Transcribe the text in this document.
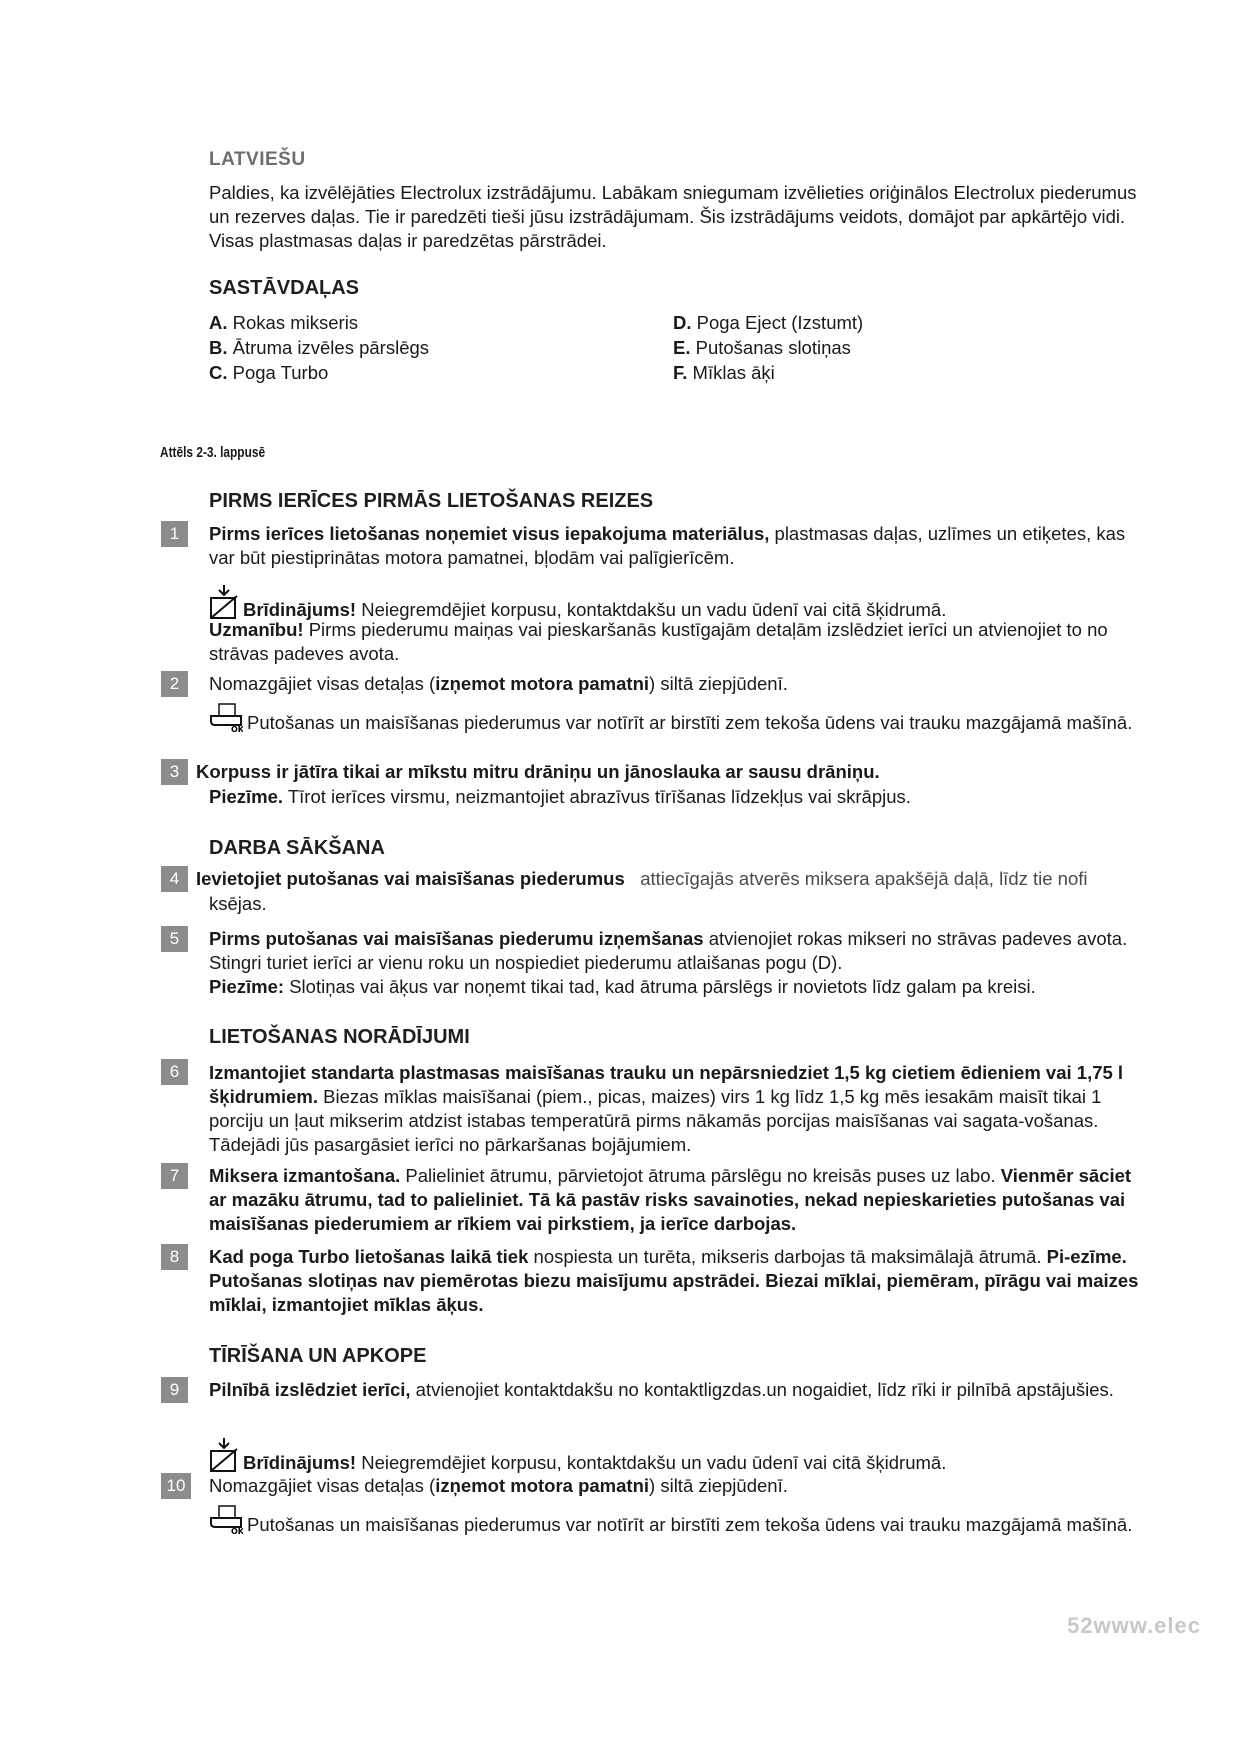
LATVIEŠU
Paldies, ka izvēlējāties Electrolux izstrādājumu. Labākam sniegumam izvēlieties oriģinālos Electrolux piederumus un rezerves daļas. Tie ir paredzēti tieši jūsu izstrādājumam. Šis izstrādājums veidots, domājot par apkārtējo vidi. Visas plastmasas daļas ir paredzētas pārstrādei.
SASTĀVDAĻAS
A. Rokas mikseris
B. Ātruma izvēles pārslēgs
C. Poga Turbo
D. Poga Eject (Izstumt)
E. Putošanas slotiņas
F. Mīklas āķi
Attēls 2-3. lappusē
PIRMS IERĪCES PIRMĀS LIETOŠANAS REIZES
1	Pirms ierīces lietošanas noņemiet visus iepakojuma materiālus, plastmasas daļas, uzlīmes un etiķetes, kas var būt piestiprinātas motora pamatnei, bļodām vai palīgierīcēm.
Brīdinājums! Neiegremdējiet korpusu, kontaktdakšu un vadu ūdenī vai citā šķidrumā.
Uzmanību! Pirms piederumu maiņas vai pieskaršanās kustīgajām detaļām izslēdziet ierīci un atvienojiet to no strāvas padeves avota.
2	Nomazgājiet visas detaļas (izņemot motora pamatni) siltā ziepjūdenī.
OK Putošanas un maisīšanas piederumus var notīrīt ar birstīti zem tekoša ūdens vai trauku mazgājamā mašīnā.
3 Korpuss ir jātīra tikai ar mīkstu mitru drāniņu un jānoslauka ar sausu drāniņu.
Piezīme. Tīrot ierīces virsmu, neizmantojiet abrazīvus tīrīšanas līdzekļus vai skrāpjus.
DARBA SĀKŠANA
4 Ievietojiet putošanas vai maisīšanas piederumus attiecīgajās atverēs miksera apakšējā daļā, līdz tie nofi
ksējas.
5	Pirms putošanas vai maisīšanas piederumu izņemšanas atvienojiet rokas mikseri no strāvas padeves avota. Stingri turiet ierīci ar vienu roku un nospiediet piederumu atlaišanas pogu (D).
Piezīme: Slotiņas vai āķus var noņemt tikai tad, kad ātruma pārslēgs ir novietots līdz galam pa kreisi.
LIETOŠANAS NORĀDĪJUMI
6	Izmantojiet standarta plastmasas maisīšanas trauku un nepārsniedziet 1,5 kg cietiem ēdieniem vai 1,75 l šķidrumiem. Biezas mīklas maisīšanai (piem., picas, maizes) virs 1 kg līdz 1,5 kg mēs iesakām maisīt tikai 1 porciju un ļaut mikserim atdzist istabas temperatūrā pirms nākamās porcijas maisīšanas vai sagata-vošanas. Tādejādi jūs pasargāsiet ierīci no pārkaršanas bojājumiem.
7	Miksera izmantošana. Palieliniet ātrumu, pārvietojot ātruma pārslēgu no kreisās puses uz labo. Vienmēr sāciet ar mazāku ātrumu, tad to palieliniet. Tā kā pastāv risks savainoties, nekad nepieskarieties putošanas vai maisīšanas piederumiem ar rīkiem vai pirkstiem, ja ierīce darbojas.
8	Kad poga Turbo lietošanas laikā tiek nospiesta un turēta, mikseris darbojas tā maksimālajā ātrumā. Pi-ezīme. Putošanas slotiņas nav piemērotas biezu maisījumu apstrādei. Biezai mīklai, piemēram, pīrāgu vai maizes mīklai, izmantojiet mīklas āķus.
TĪRĪŠANA UN APKOPE
9	Pilnībā izslēdziet ierīci, atvienojiet kontaktdakšu no kontaktligzdas.un nogaidiet, līdz rīki ir pilnībā apstājušies.
Brīdinājums! Neiegremdējiet korpusu, kontaktdakšu un vadu ūdenī vai citā šķidrumā.
10 Nomazgājiet visas detaļas (izņemot motora pamatni) siltā ziepjūdenī.
OK Putošanas un maisīšanas piederumus var notīrīt ar birstīti zem tekoša ūdens vai trauku mazgājamā mašīnā.
52www.elec
